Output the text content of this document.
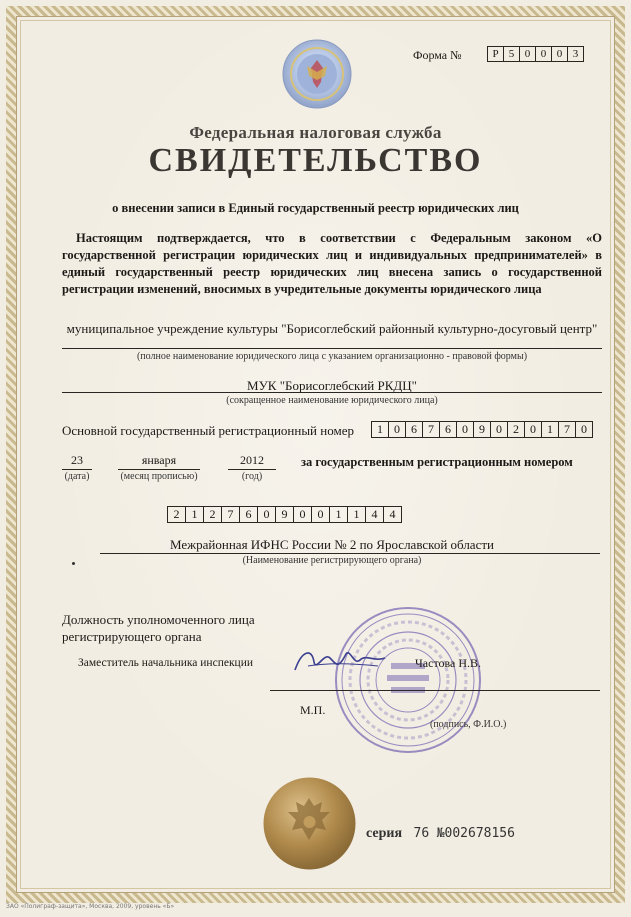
Форма №	Р 5 0 0 0 3
Федеральная налоговая служба
СВИДЕТЕЛЬСТВО
о внесении записи в Единый государственный реестр юридических лиц
Настоящим подтверждается, что в соответствии с Федеральным законом «О государственной регистрации юридических лиц и индивидуальных предпринимателей» в единый государственный реестр юридических лиц внесена запись о государственной регистрации изменений, вносимых в учредительные документы юридического лица
муниципальное учреждение культуры "Борисоглебский районный культурно-досуговый центр"
(полное наименование юридического лица с указанием организационно - правовой формы)
МУК "Борисоглебский РКДЦ"
(сокращенное наименование юридического лица)
Основной государственный регистрационный номер	1 0 6 7 6 0 9 0 2 0 1 7 0
23
(дата)
января
(месяц прописью)
2012
(год)
за государственным регистрационным номером
2	1	2	7	6	0	9	0	0	1	1	4	4
Межрайонная ИФНС России № 2 по Ярославской области
(Наименование регистрирующего органа)
Должность уполномоченного лица регистрирующего органа
Заместитель начальника инспекции	Частова Н.В.
М.П.
(подпись, Ф.И.О.)
серия 76 №002678156
ЗАО «Полиграф-защита», Москва, 2009, уровень «Б»
